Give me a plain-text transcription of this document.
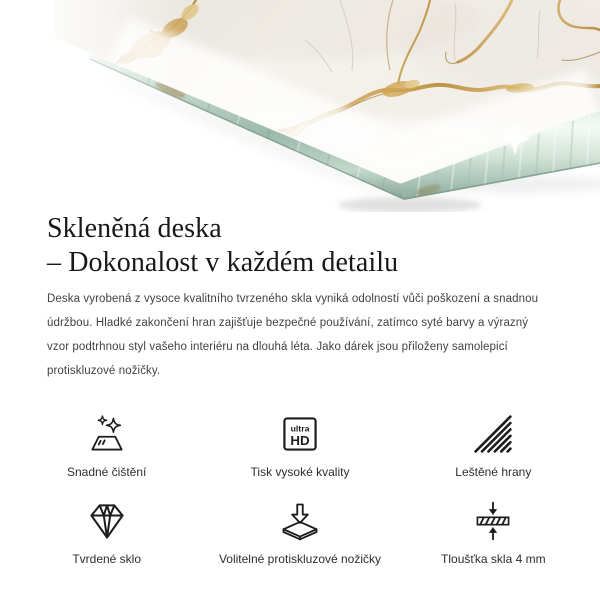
Skleněná deska
– Dokonalost v každém detailu

Deska vyrobená z vysoce kvalitního tvrzeného skla vyniká odolností vůči poškození a snadnou údržbou. Hladké zakončení hran zajišťuje bezpečné používání, zatímco syté barvy a výrazný vzor podtrhnou styl vašeho interiéru na dlouhá léta. Jako dárek jsou přiloženy samolepicí protiskluzové nožičky.

Snadné čištění
ultra
HD
Tisk vysoké kvality	Leštěné hrany
Tvrdené sklo	Volitelné protiskluzové nožičky	Tloušťka skla 4 mm
